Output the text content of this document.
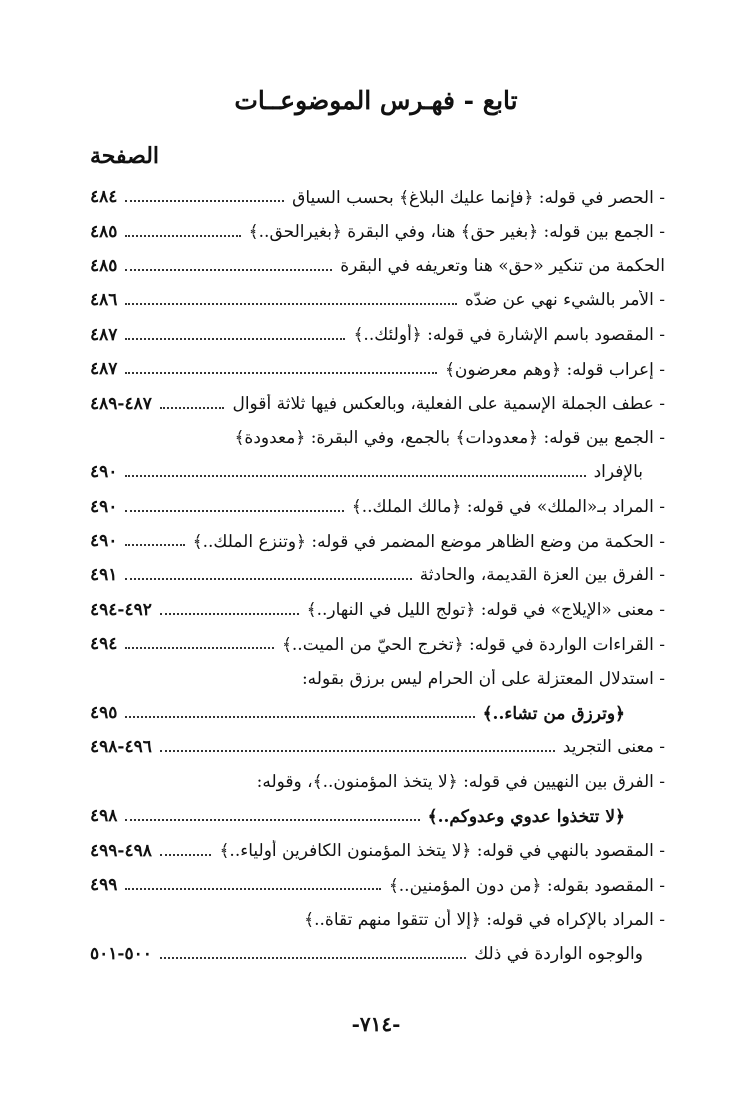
تابع - فهـرس الموضوعــات
الصفحة
- الحصر في قوله: ﴿فإنما عليك البلاغ﴾ بحسب السياق
٤٨٤
- الجمع بين قوله: ﴿بغير حق﴾ هنا، وفي البقرة ﴿بغيرالحق..﴾
٤٨٥
الحكمة من تنكير «حق» هنا وتعريفه في البقرة
٤٨٥
- الأمر بالشيء نهي عن ضدّه
٤٨٦
- المقصود باسم الإشارة في قوله: ﴿أولئك..﴾
٤٨٧
- إعراب قوله: ﴿وهم معرضون﴾
٤٨٧
- عطف الجملة الإسمية على الفعلية، وبالعكس فيها ثلاثة أقوال
٤٨٧-٤٨٩
- الجمع بين قوله: ﴿معدودات﴾ بالجمع، وفي البقرة: ﴿معدودة﴾
بالإفراد
٤٩٠
- المراد بـ«الملك» في قوله: ﴿مالك الملك..﴾
٤٩٠
- الحكمة من وضع الظاهر موضع المضمر في قوله: ﴿وتنزع الملك..﴾
٤٩٠
- الفرق بين العزة القديمة، والحادثة
٤٩١
- معنى «الإيلاج» في قوله: ﴿تولج الليل في النهار..﴾
٤٩٢-٤٩٤
- القراءات الواردة في قوله: ﴿تخرج الحيّ من الميت..﴾
٤٩٤
- استدلال المعتزلة على أن الحرام ليس برزق بقوله:
﴿وترزق من تشاء..﴾
٤٩٥
- معنى التجريد
٤٩٦-٤٩٨
- الفرق بين النهيين في قوله: ﴿لا يتخذ المؤمنون..﴾، وقوله:
﴿لا تتخذوا عدوي وعدوكم..﴾
٤٩٨
- المقصود بالنهي في قوله: ﴿لا يتخذ المؤمنون الكافرين أولياء..﴾
٤٩٨-٤٩٩
- المقصود بقوله: ﴿من دون المؤمنين..﴾
٤٩٩
- المراد بالإكراه في قوله: ﴿إلا أن تتقوا منهم تقاة..﴾
والوجوه الواردة في ذلك
٥٠٠-٥٠١
-٧١٤-
